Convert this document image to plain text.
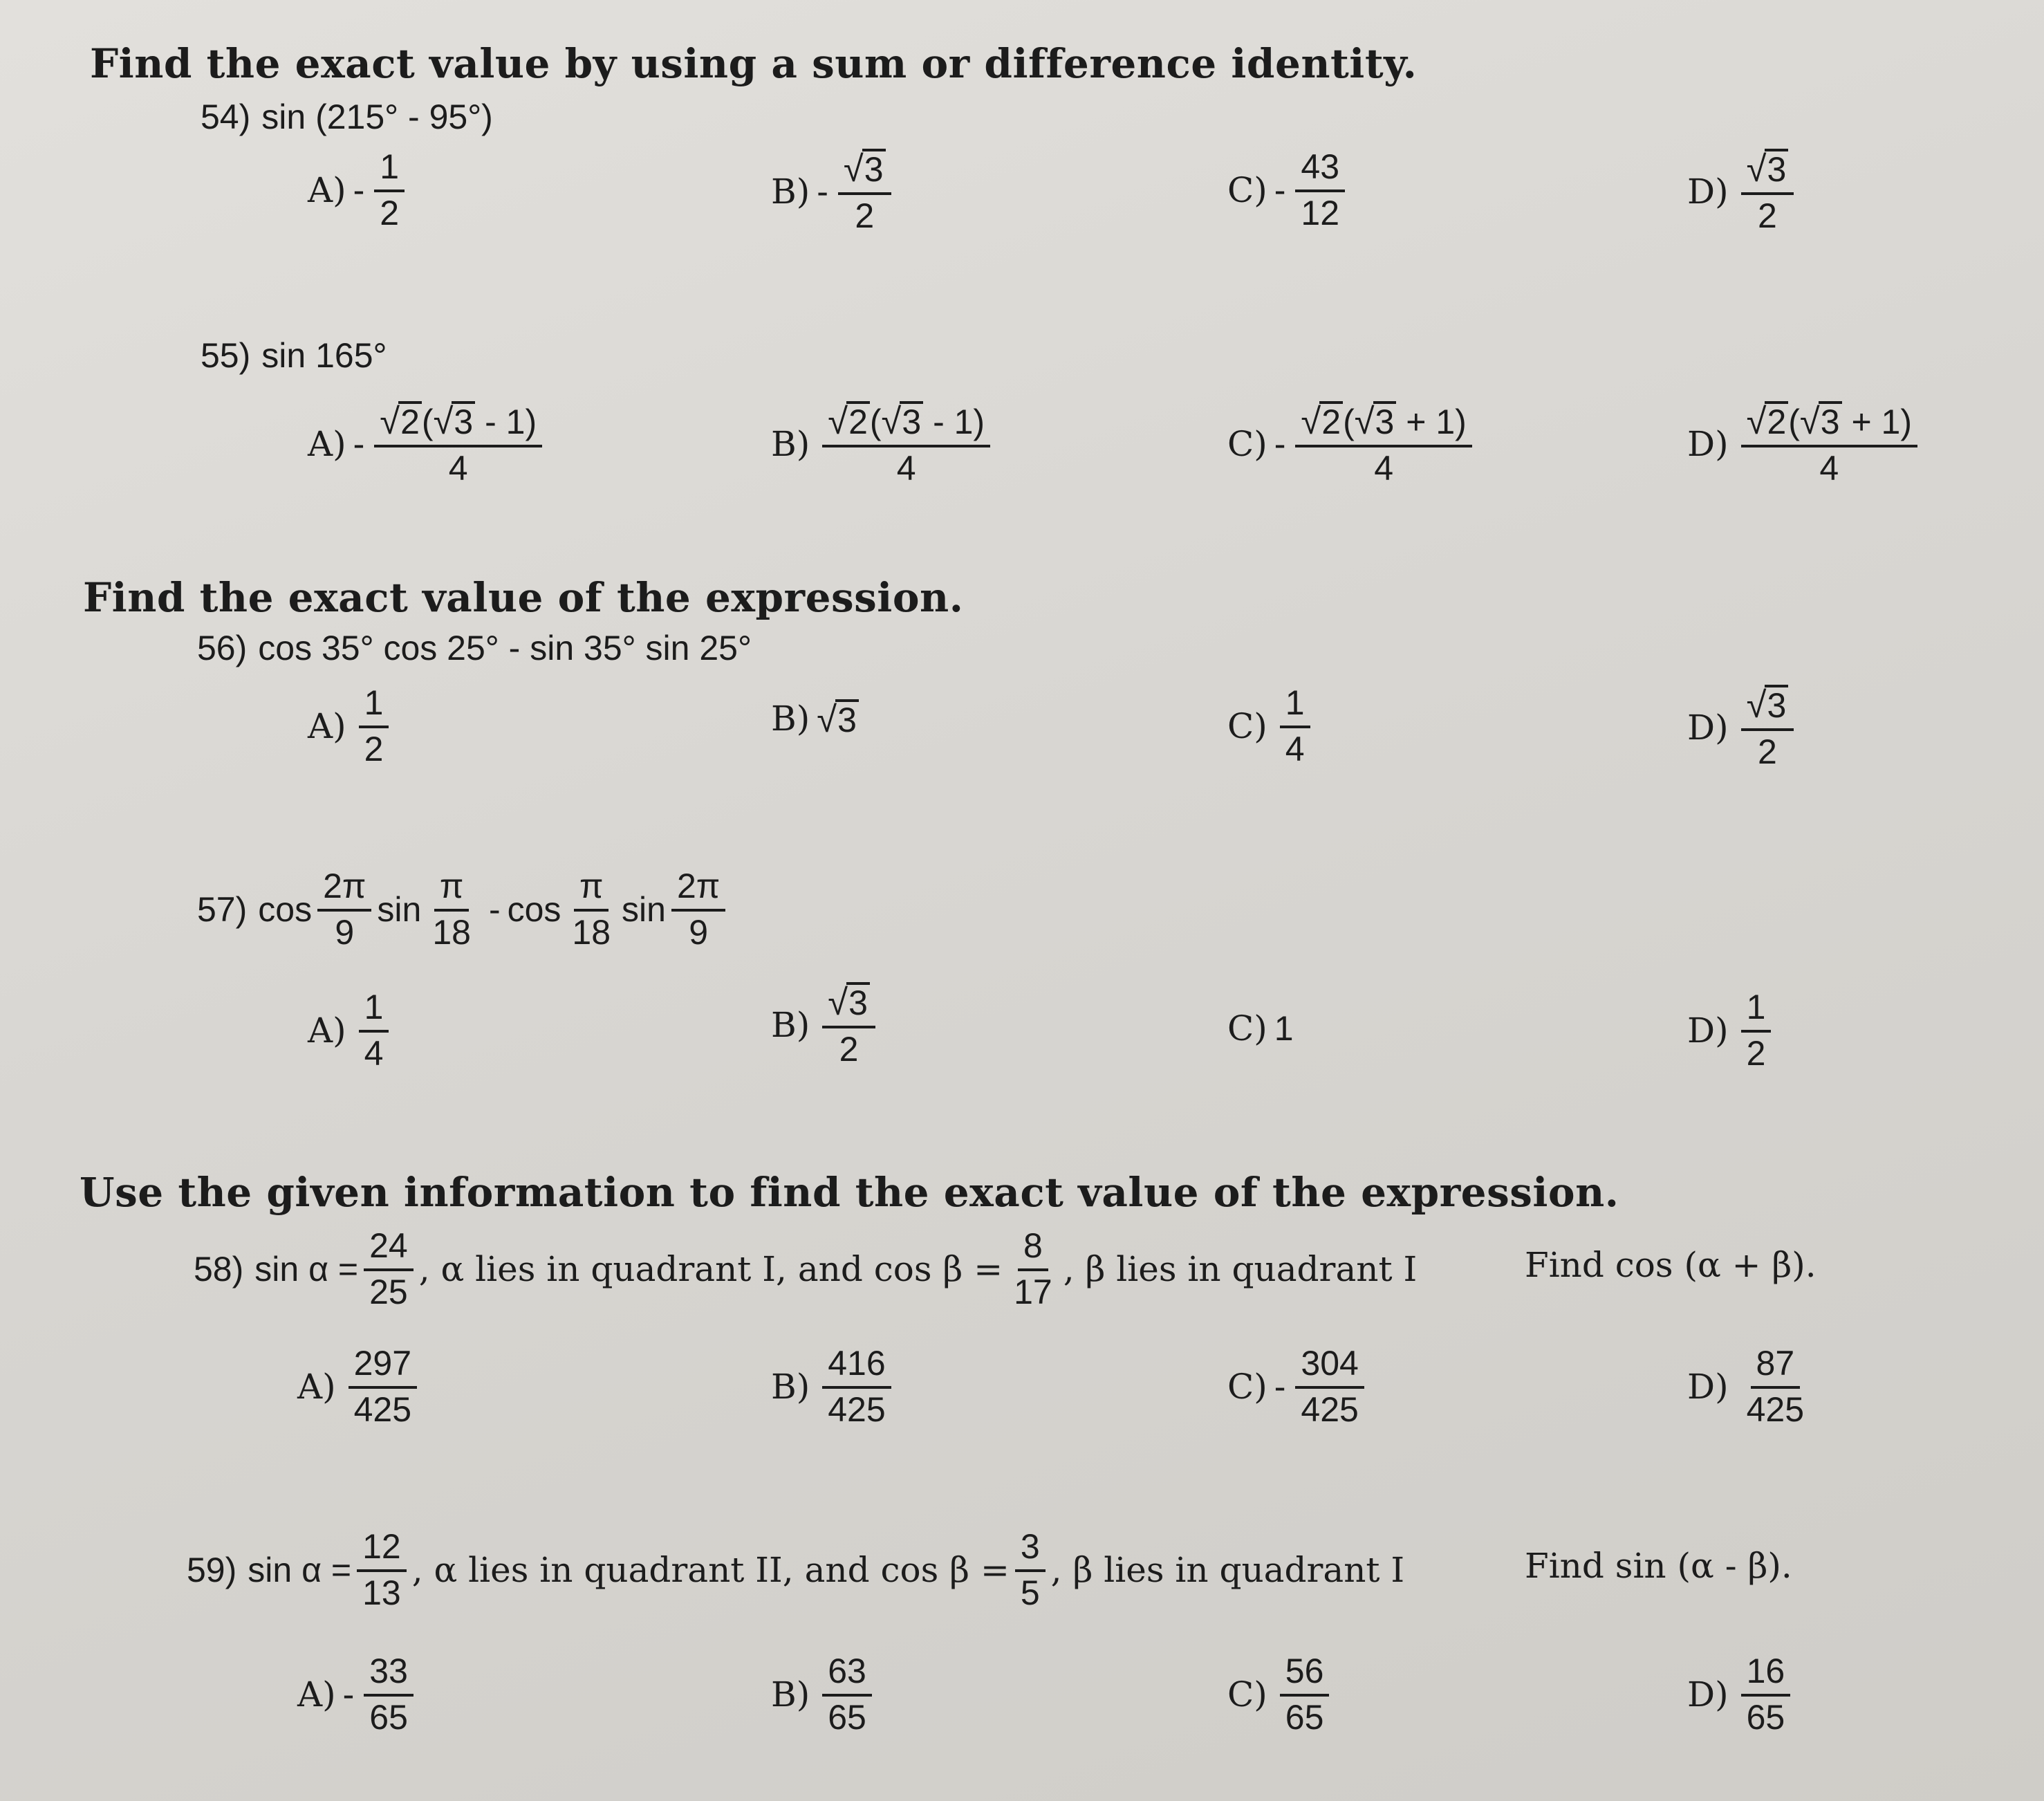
Find the exact value by using a sum or difference identity.
54) sin (215° - 95°)
$A) - \frac{1}{2}$	$B) - \frac{√ 3}{2}$	$C) - \frac{43}{12}$	$D) \frac{√ 3}{2}$
55) sin 165°
$A) - \frac{√ 2 ( √ 3 - 1)}{4}$	$B) \frac{√ 2 ( √ 3 - 1)}{4}$	$C) - \frac{√ 2 ( √ 3 + 1)}{4}$	$D) \frac{√ 2 ( √ 3 + 1)}{4}$
Find the exact value of the expression.
56) cos 35° cos 25° - sin 35° sin 25°
$A) \frac{1}{2}$	B) √ 3	$C) \frac{1}{4}$	$D) \frac{√ 3}{2}$
57) $\cos \frac{2\pi}{9}$ $\sin \frac{\pi}{18}$ - $\cos \frac{\pi}{18}$ $\sin \frac{2\pi}{9}$
$A) \frac{1}{4}$	$B) \frac{√ 3}{2}$	C) 1	$D) \frac{1}{2}$
Use the given information to find the exact value of the expression.
58) $\sin \alpha = \frac{24}{25}$ , α lies in quadrant I, and $\cos \beta = \frac{8}{17}$ , β lies in quadrant I	Find cos (α + β).
$A) \frac{297}{425}$	$B) \frac{416}{425}$	$C) - \frac{304}{425}$	$D) \frac{87}{425}$
59) $\sin \alpha = \frac{12}{13}$ , α lies in quadrant II, and $\cos \beta = \frac{3}{5}$ , β lies in quadrant I	Find sin (α - β).
$A) - \frac{33}{65}$	$B) \frac{63}{65}$	$C) \frac{56}{65}$	$D) \frac{16}{65}$
